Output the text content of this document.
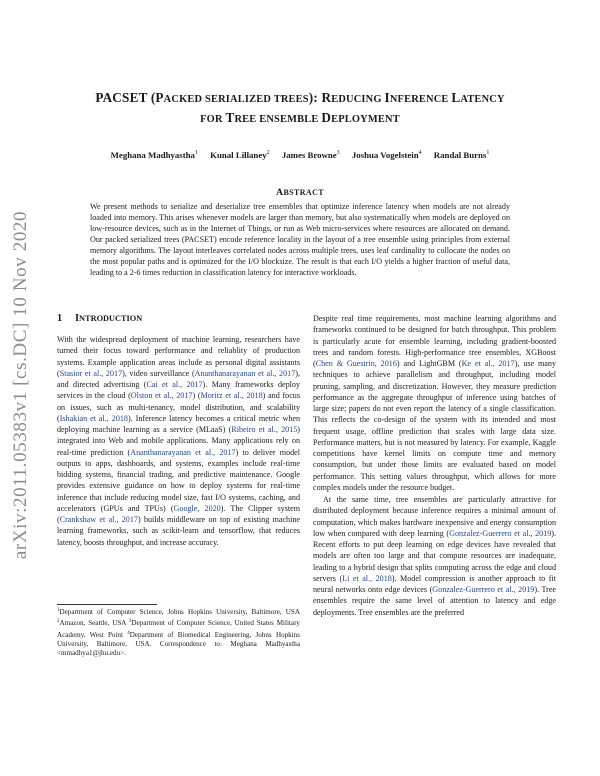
arXiv:2011.05383v1 [cs.DC] 10 Nov 2020
PACSET (PACKED SERIALIZED TREES): REDUCING INFERENCE LATENCY
FOR TREE ENSEMBLE DEPLOYMENT
Meghana Madhyastha$^1$ Kunal Lillaney$^2$ James Browne$^3$ Joshua Vogelstein$^4$ Randal Burns$^1$
ABSTRACT

We present methods to serialize and deserialize tree ensembles that optimize inference latency when models are not already loaded into memory. This arises whenever models are larger than memory, but also systematically when models are deployed on low-resource devices, such as in the Internet of Things, or run as Web micro-services where resources are allocated on demand. Our packed serialized trees (PACSET) encode reference locality in the layout of a tree ensemble using principles from external memory algorithms. The layout interleaves correlated nodes across multiple trees, uses leaf cardinality to collocate the nodes on the most popular paths and is optimized for the I/O blocksize. The result is that each I/O yields a higher fraction of useful data, leading to a 2-6 times reduction in classification latency for interactive workloads.

1 INTRODUCTION

With the widespread deployment of machine learning, researchers have turned their focus toward performance and reliablity of production systems. Example application areas include as personal digital assistants (Stasior et al., 2017), video surveillance (Ananthanarayanan et al., 2017), and directed advertising (Cai et al., 2017). Many frameworks deploy services in the cloud (Olston et al., 2017) (Moritz et al., 2018) and focus on issues, such as multi-tenancy, model distribution, and scalability (Ishakian et al., 2018). Inference latency becomes a critical metric when deploying machine learning as a service (MLaaS) (Ribeiro et al., 2015) integrated into Web and mobile applications. Many applications rely on real-time prediction (Ananthanarayanan et al., 2017) to deliver model outputs to apps, dashboards, and systems, examples include real-time bidding systems, financial trading, and predictive maintenance. Google provides extensive guidance on how to deploy systems for real-time inference that include reducing model size, fast I/O systems, caching, and accelerators (GPUs and TPUs) (Google, 2020). The Clipper system (Crankshaw et al., 2017) builds middleware on top of existing machine learning frameworks, such as scikit-learn and tensorflow, that reduces latency, boosts throughput, and increase accuracy.

$^1$Department of Computer Science, Johns Hopkins University, Baltimore, USA $^2$Amazon, Seattle, USA $^3$Department of Computer Science, United States Military Academy, West Point $^4$Department of Biomedical Engineering, Johns Hopkins University, Baltimore, USA. Correspondence to: Meghana Madhyastha <mmadhya1@jhu.edu>.

Despite real time requirements, most machine learning algorithms and frameworks continued to be designed for batch throughput. This problem is particularly acute for ensemble learning, including gradient-boosted trees and random forests. High-performance tree ensembles, XGBoost (Chen & Guestrin, 2016) and LightGBM (Ke et al., 2017), use many techniques to achieve parallelism and throughput, including model pruning, sampling, and discretization. However, they measure prediction performance as the aggregate throughput of inference using batches of large size; papers do not even report the latency of a single classification. This reflects the co-design of the system with its intended and most frequent usage, offline prediction that scales with large data size. Performance matters, but is not measured by latency. For example, Kaggle competitions have kernel limits on compute time and memory consumption, but under those limits are evaluated based on model performance. This setting values throughput, which allows for more complex models under the resource budget.

At the same time, tree ensembles are particularly attractive for distributed deployment because inference requires a minimal amount of computation, which makes hardware inexpensive and energy consumption low when compared with deep learning (Gonzalez-Guerrero et al., 2019). Recent efforts to put deep learning on edge devices have revealed that models are often too large and that compute resources are inadequate, leading to a hybrid design that splits computing across the edge and cloud servers (Li et al., 2018). Model compression is another approach to fit neural networks onto edge devices (Gonzalez-Guerrero et al., 2019). Tree ensembles require the same level of attention to latency and edge deployments. Tree ensembles are the preferred
